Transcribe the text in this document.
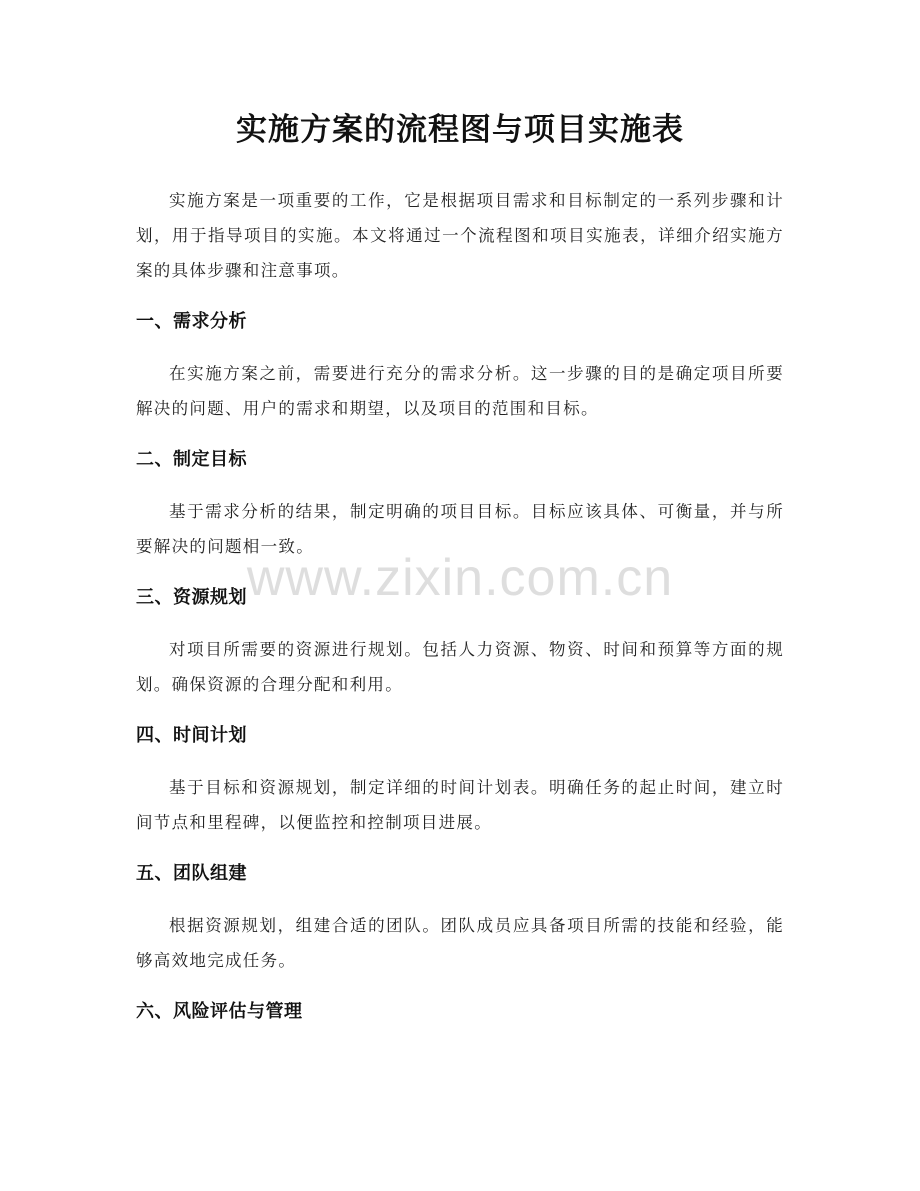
实施方案的流程图与项目实施表

实施方案是一项重要的工作，它是根据项目需求和目标制定的一系列步骤和计划，用于指导项目的实施。本文将通过一个流程图和项目实施表，详细介绍实施方案的具体步骤和注意事项。

一、需求分析

在实施方案之前，需要进行充分的需求分析。这一步骤的目的是确定项目所要解决的问题、用户的需求和期望，以及项目的范围和目标。

二、制定目标

基于需求分析的结果，制定明确的项目目标。目标应该具体、可衡量，并与所要解决的问题相一致。

三、资源规划

对项目所需要的资源进行规划。包括人力资源、物资、时间和预算等方面的规划。确保资源的合理分配和利用。

四、时间计划

基于目标和资源规划，制定详细的时间计划表。明确任务的起止时间，建立时间节点和里程碑，以便监控和控制项目进展。

五、团队组建

根据资源规划，组建合适的团队。团队成员应具备项目所需的技能和经验，能够高效地完成任务。

六、风险评估与管理
www.zixin.com.cn
